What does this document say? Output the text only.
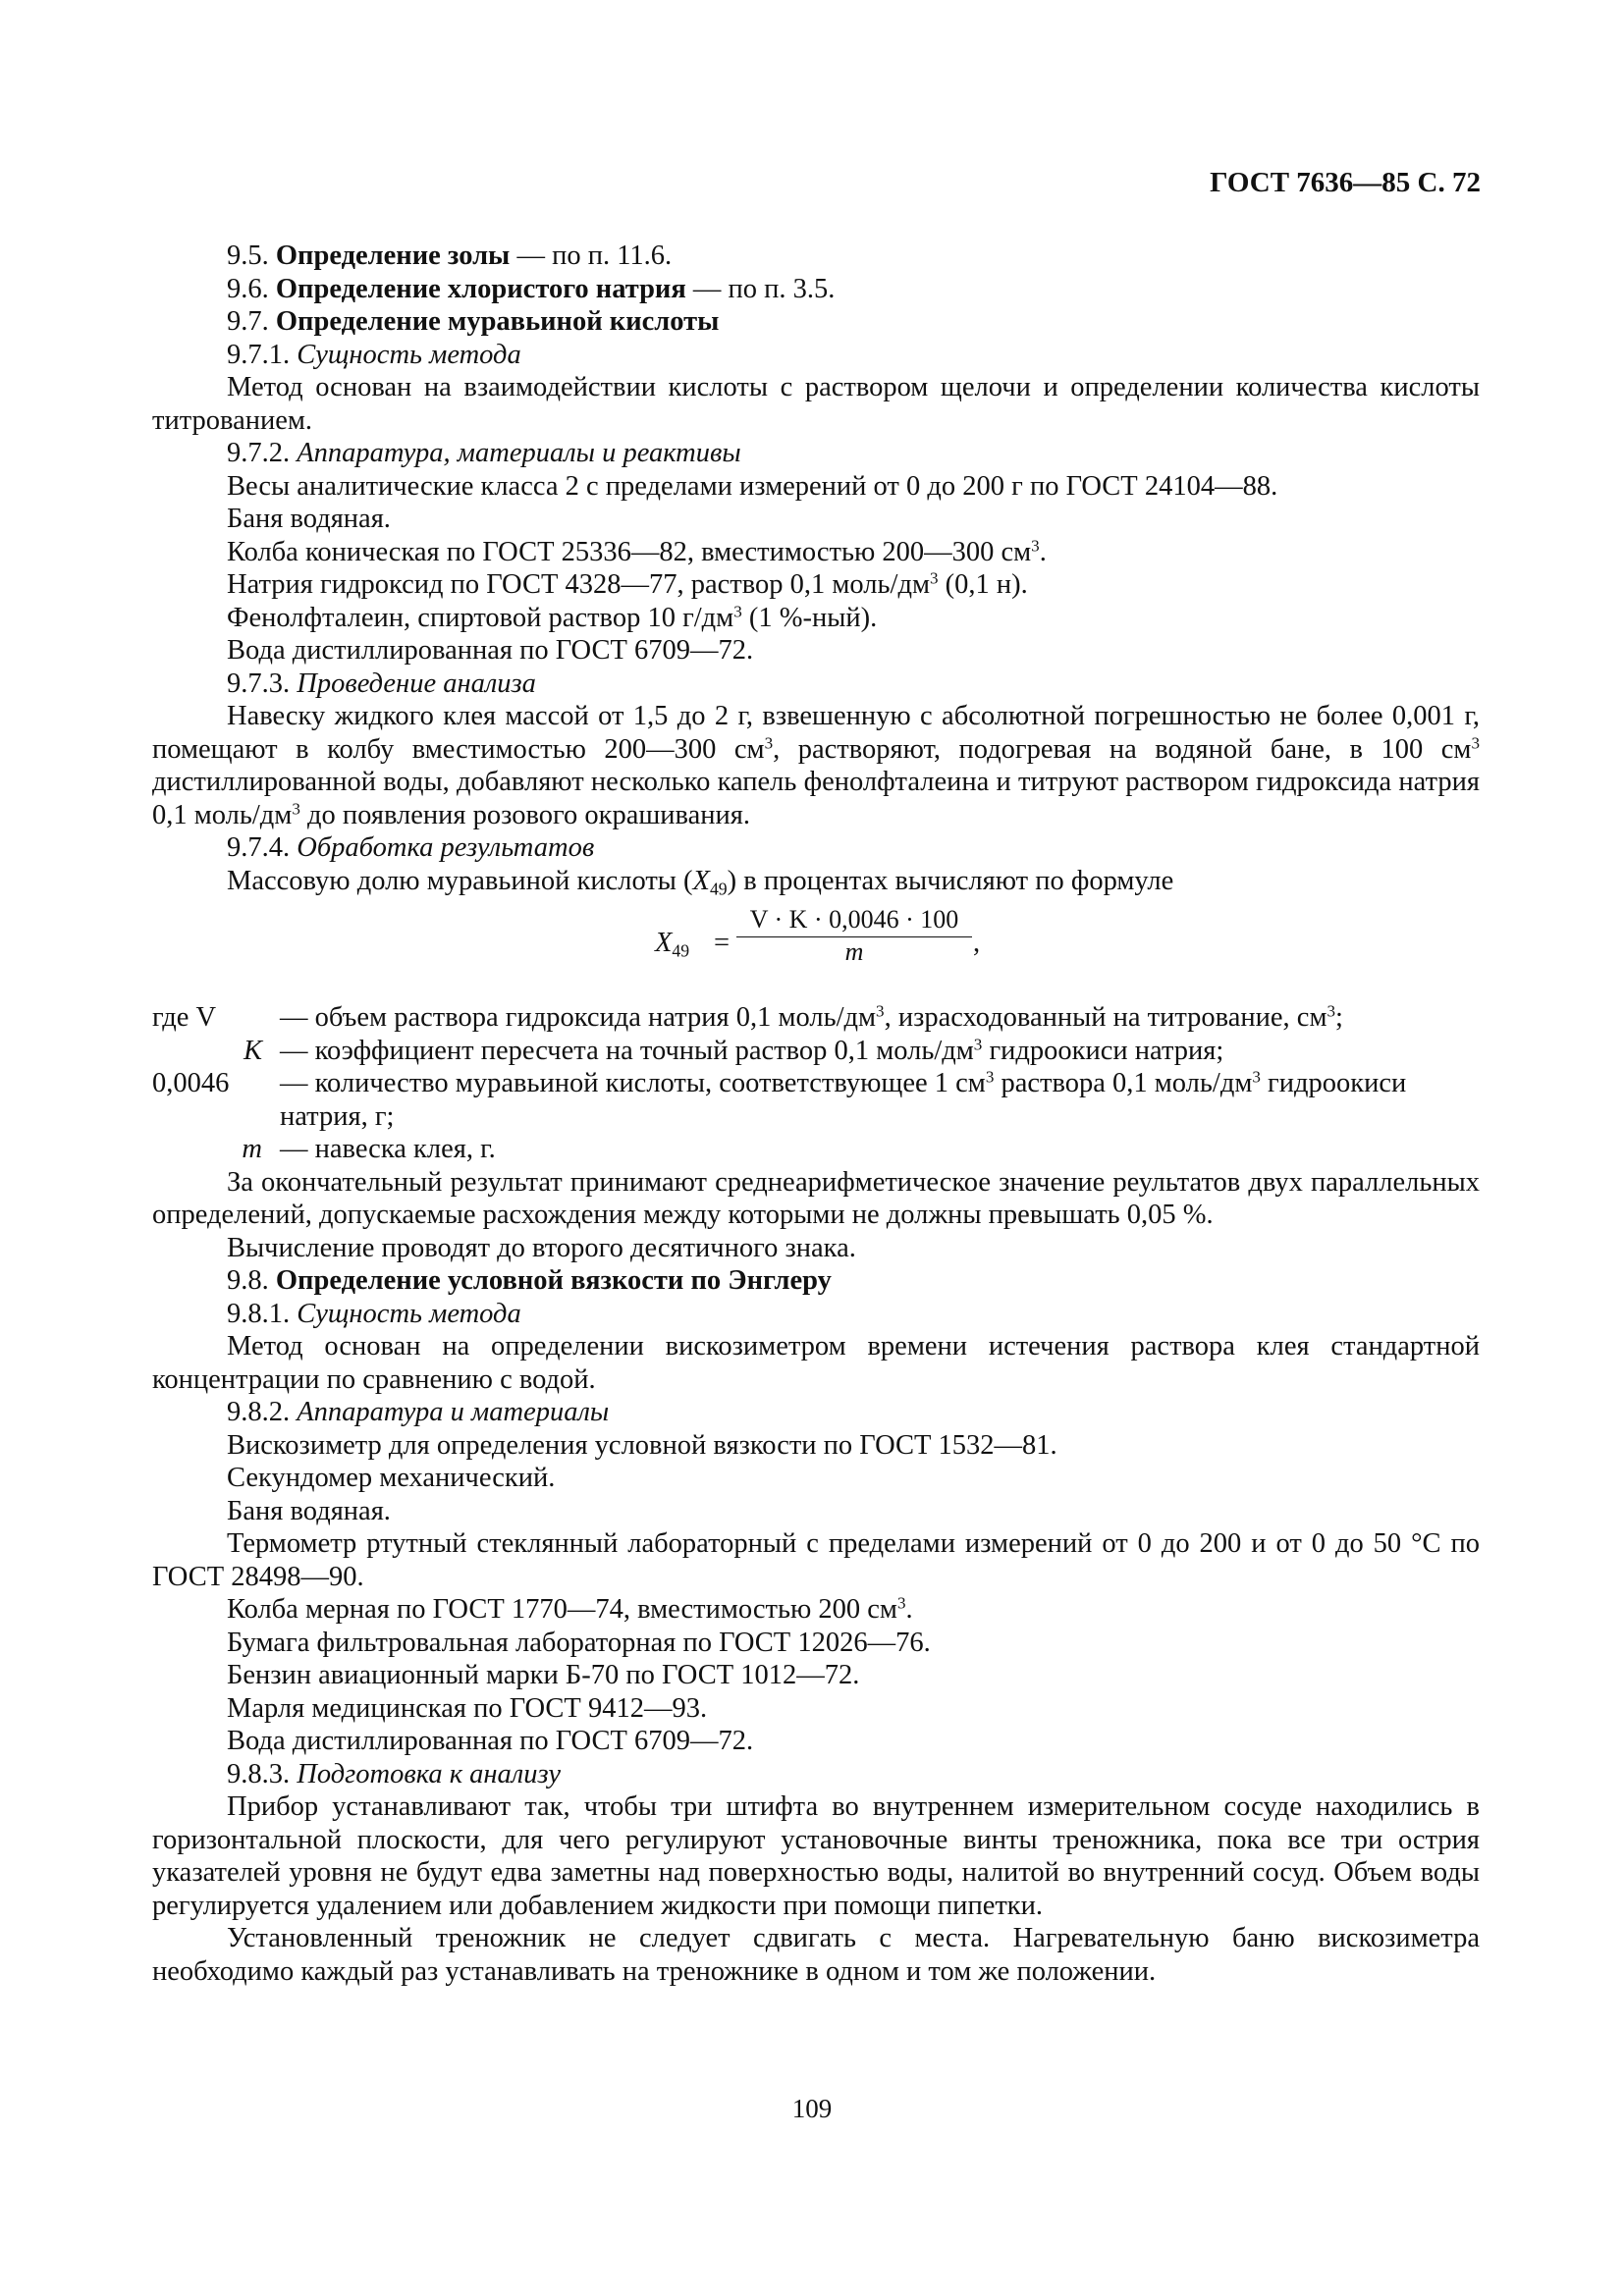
ГОСТ 7636—85 С. 72

9.5. Определение золы — по п. 11.6.

9.6. Определение хлористого натрия — по п. 3.5.

9.7. Определение муравьиной кислоты

9.7.1. Сущность метода

Метод основан на взаимодействии кислоты с раствором щелочи и определении количества кислоты титрованием.

9.7.2. Аппаратура, материалы и реактивы

Весы аналитические класса 2 с пределами измерений от 0 до 200 г по ГОСТ 24104—88.

Баня водяная.

Колба коническая по ГОСТ 25336—82, вместимостью 200—300 $см^3$.

Натрия гидроксид по ГОСТ 4328—77, раствор 0,1 моль/$дм^3$ (0,1 н).

Фенолфталеин, спиртовой раствор 10 $г/дм^3$ (1 %-ный).

Вода дистиллированная по ГОСТ 6709—72.

9.7.3. Проведение анализа

Навеску жидкого клея массой от 1,5 до 2 г, взвешенную с абсолютной погрешностью не более 0,001 г, помещают в колбу вместимостью 200—300 $см^3$, растворяют, подогревая на водяной бане, в 100 $см^3$ дистиллированной воды, добавляют несколько капель фенолфталеина и титруют раствором гидроксида натрия 0,1 моль/$дм^3$ до появления розового окрашивания.

9.7.4. Обработка результатов

Массовую долю муравьиной кислоты $(X_{49})$ в процентах вычисляют по формуле

$X_{49} = \frac{V \cdot K \cdot 0,0046 \cdot 100}{m}$ ,
где V	— объем раствора гидроксида натрия 0,1 моль/$дм^3$, израсходованный на титрование, $см^3$;
K — коэффициент пересчета на точный раствор 0,1 моль/$дм^3$ гидроокиси натрия;
0,0046	— количество муравьиной кислоты, соответствующее 1 $см^3$ раствора 0,1 моль/$дм^3$ гидроокиси натрия, г;
m — навеска клея, г.

За окончательный результат принимают среднеарифметическое значение реультатов двух параллельных определений, допускаемые расхождения между которыми не должны превышать 0,05 %.

Вычисление проводят до второго десятичного знака.

9.8. Определение условной вязкости по Энглеру

9.8.1. Сущность метода

Метод основан на определении вискозиметром времени истечения раствора клея стандартной концентрации по сравнению с водой.

9.8.2. Аппаратура и материалы

Вискозиметр для определения условной вязкости по ГОСТ 1532—81.

Секундомер механический.

Баня водяная.

Термометр ртутный стеклянный лабораторный с пределами измерений от 0 до 200 и от 0 до 50 °С по ГОСТ 28498—90.

Колба мерная по ГОСТ 1770—74, вместимостью 200 $см^3$.

Бумага фильтровальная лабораторная по ГОСТ 12026—76.

Бензин авиационный марки Б-70 по ГОСТ 1012—72.

Марля медицинская по ГОСТ 9412—93.

Вода дистиллированная по ГОСТ 6709—72.

9.8.3. Подготовка к анализу

Прибор устанавливают так, чтобы три штифта во внутреннем измерительном сосуде находились в горизонтальной плоскости, для чего регулируют установочные винты треножника, пока все три острия указателей уровня не будут едва заметны над поверхностью воды, налитой во внутренний сосуд. Объем воды регулируется удалением или добавлением жидкости при помощи пипетки.

Установленный треножник не следует сдвигать с места. Нагревательную баню вискозиметра необходимо каждый раз устанавливать на треножнике в одном и том же положении.

109
